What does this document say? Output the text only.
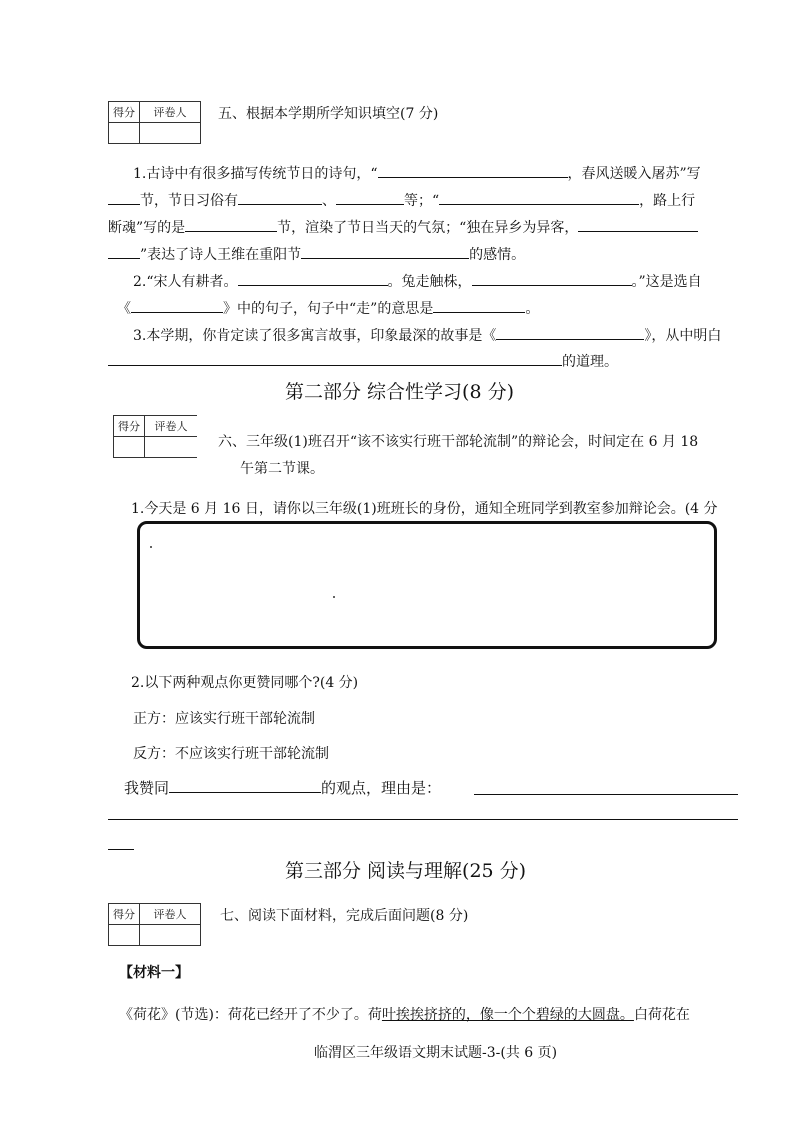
得分	评卷人
	五、根据本学期所学知识填空(7 分)
1.古诗中有很多描写传统节日的诗句，“	，春风送暖入屠苏”写
节，节日习俗有	、	等；“	，路上行
断魂”写的是	节，渲染了节日当天的气氛；“独在异乡为异客，
”表达了诗人王维在重阳节	的感情。
2.“宋人有耕者。	。兔走触株，	。”这是选自
《	》中的句子，句子中“走”的意思是	。
3.本学期，你肯定读了很多寓言故事，印象最深的故事是《	》，从中明白
的道理。
第二部分 综合性学习(8 分)
得分	评卷人

六、三年级(1)班召开“该不该实行班干部轮流制”的辩论会，时间定在 6 月 18
午第二节课。
1.今天是 6 月 16 日，请你以三年级(1)班班长的身份，通知全班同学到教室参加辩论会。(4 分
2.以下两种观点你更赞同哪个?(4 分)
正方：应该实行班干部轮流制
反方：不应该实行班干部轮流制
我赞同	的观点，理由是：
第三部分 阅读与理解(25 分)
得分	评卷人
	七、阅读下面材料，完成后面问题(8 分)
【材料一】
《荷花》(节选)：荷花已经开了不少了。荷叶挨挨挤挤的，像一个个碧绿的大圆盘。白荷花在
临渭区三年级语文期末试题-3-(共 6 页)
